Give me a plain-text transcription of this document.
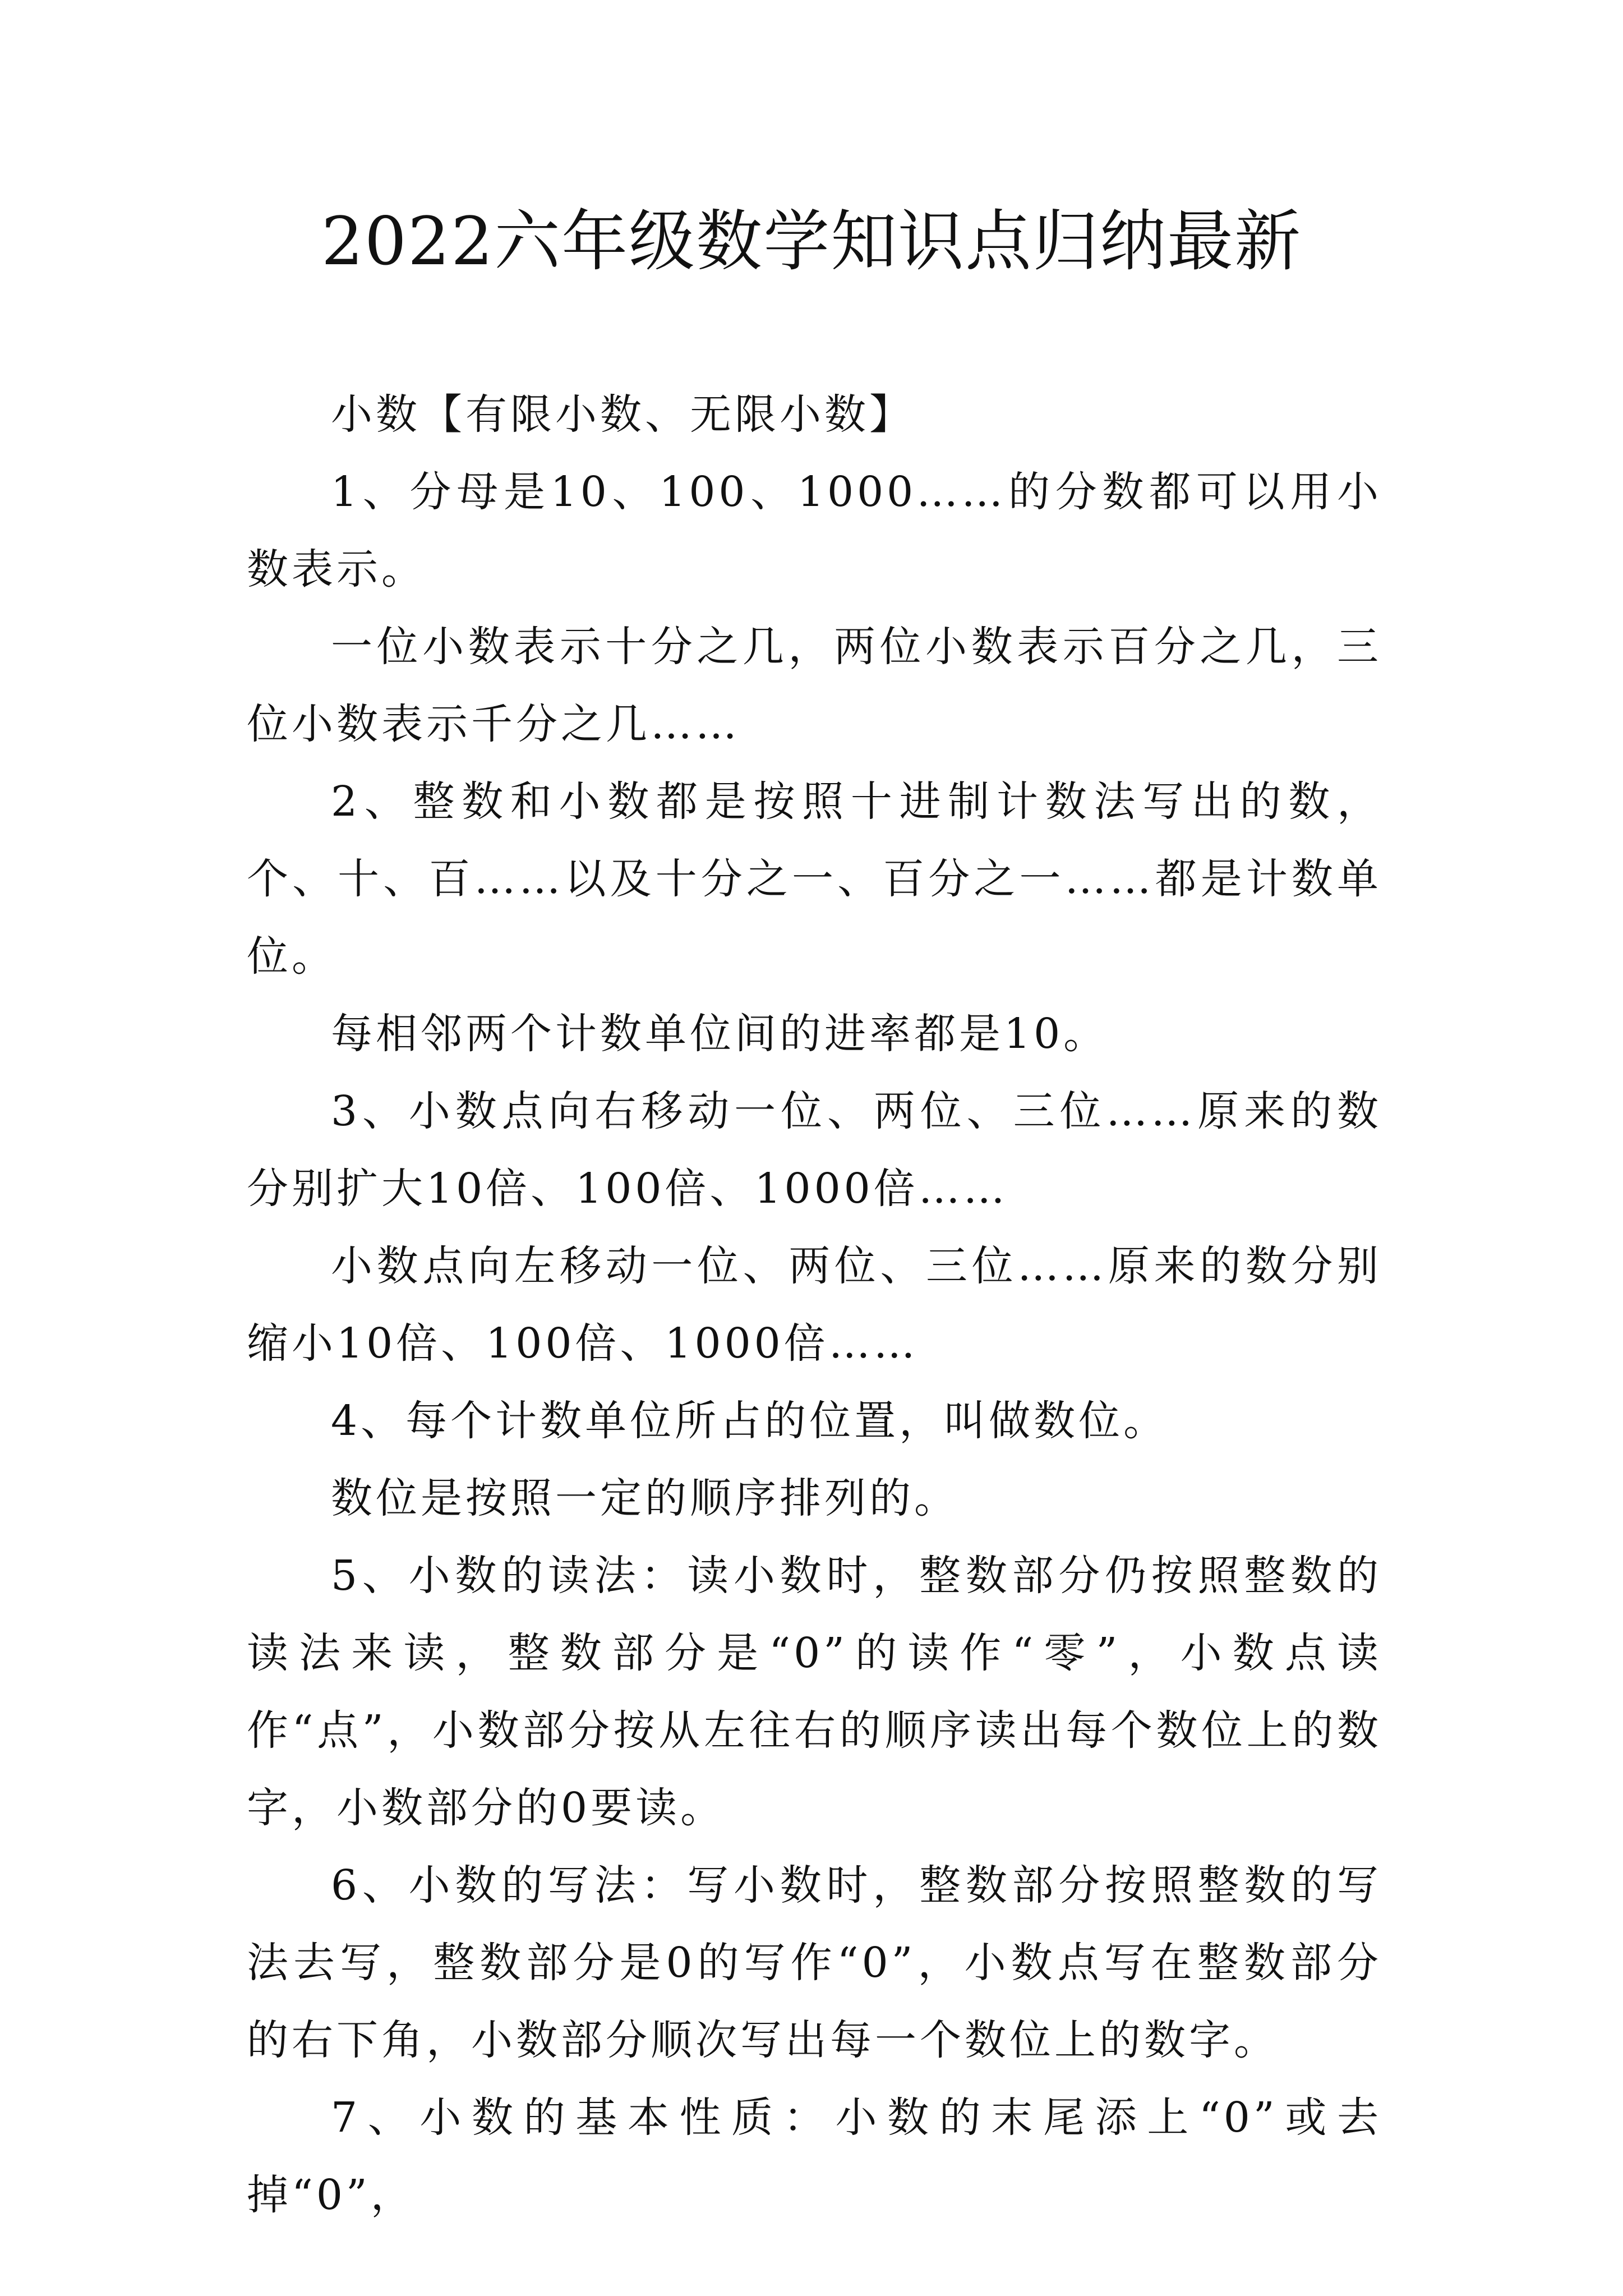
2022六年级数学知识点归纳最新

小数【有限小数、无限小数】

1、分母是10、100、1000……的分数都可以用小数表示。

一位小数表示十分之几，两位小数表示百分之几，三位小数表示千分之几……

2、整数和小数都是按照十进制计数法写出的数，个、十、百……以及十分之一、百分之一……都是计数单位。

每相邻两个计数单位间的进率都是10。

3、小数点向右移动一位、两位、三位……原来的数分别扩大10倍、100倍、1000倍……

小数点向左移动一位、两位、三位……原来的数分别缩小10倍、100倍、1000倍……

4、每个计数单位所占的位置，叫做数位。

数位是按照一定的顺序排列的。

5、小数的读法：读小数时，整数部分仍按照整数的读法来读，整数部分是“0”的读作“零”，小数点读作“点”，小数部分按从左往右的顺序读出每个数位上的数字，小数部分的0要读。

6、小数的写法：写小数时，整数部分按照整数的写法去写，整数部分是0的写作“0”，小数点写在整数部分的右下角，小数部分顺次写出每一个数位上的数字。

7、小数的基本性质：小数的末尾添上“0”或去掉“0”，
